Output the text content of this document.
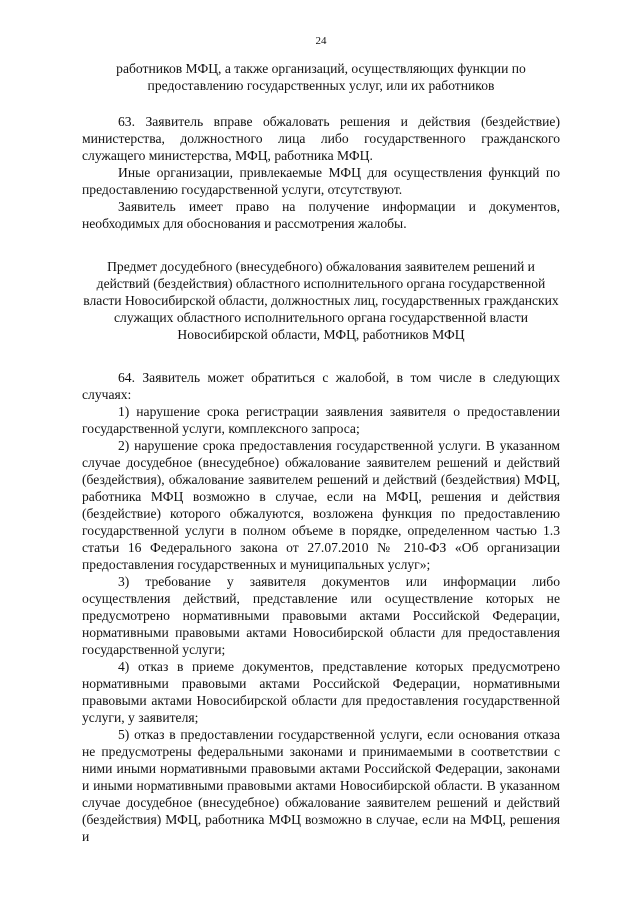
24

работников МФЦ, а также организаций, осуществляющих функции по

предоставлению государственных услуг, или их работников

63. Заявитель вправе обжаловать решения и действия (бездействие) министерства, должностного лица либо государственного гражданского служащего министерства, МФЦ, работника МФЦ.

Иные организации, привлекаемые МФЦ для осуществления функций по предоставлению государственной услуги, отсутствуют.

Заявитель имеет право на получение информации и документов, необходимых для обоснования и рассмотрения жалобы.

Предмет досудебного (внесудебного) обжалования заявителем решений и

действий (бездействия) областного исполнительного органа государственной

власти Новосибирской области, должностных лиц, государственных гражданских

служащих областного исполнительного органа государственной власти

Новосибирской области, МФЦ, работников МФЦ

64. Заявитель может обратиться с жалобой, в том числе в следующих случаях:

1) нарушение срока регистрации заявления заявителя о предоставлении государственной услуги, комплексного запроса;

2) нарушение срока предоставления государственной услуги. В указанном случае досудебное (внесудебное) обжалование заявителем решений и действий (бездействия), обжалование заявителем решений и действий (бездействия) МФЦ, работника МФЦ возможно в случае, если на МФЦ, решения и действия (бездействие) которого обжалуются, возложена функция по предоставлению государственной услуги в полном объеме в порядке, определенном частью 1.3 статьи 16 Федерального закона от 27.07.2010 № 210-ФЗ «Об организации предоставления государственных и муниципальных услуг»;

3) требование у заявителя документов или информации либо осуществления действий, представление или осуществление которых не предусмотрено нормативными правовыми актами Российской Федерации, нормативными правовыми актами Новосибирской области для предоставления государственной услуги;

4) отказ в приеме документов, представление которых предусмотрено нормативными правовыми актами Российской Федерации, нормативными правовыми актами Новосибирской области для предоставления государственной услуги, у заявителя;

5) отказ в предоставлении государственной услуги, если основания отказа не предусмотрены федеральными законами и принимаемыми в соответствии с ними иными нормативными правовыми актами Российской Федерации, законами и иными нормативными правовыми актами Новосибирской области. В указанном случае досудебное (внесудебное) обжалование заявителем решений и действий (бездействия) МФЦ, работника МФЦ возможно в случае, если на МФЦ, решения и
